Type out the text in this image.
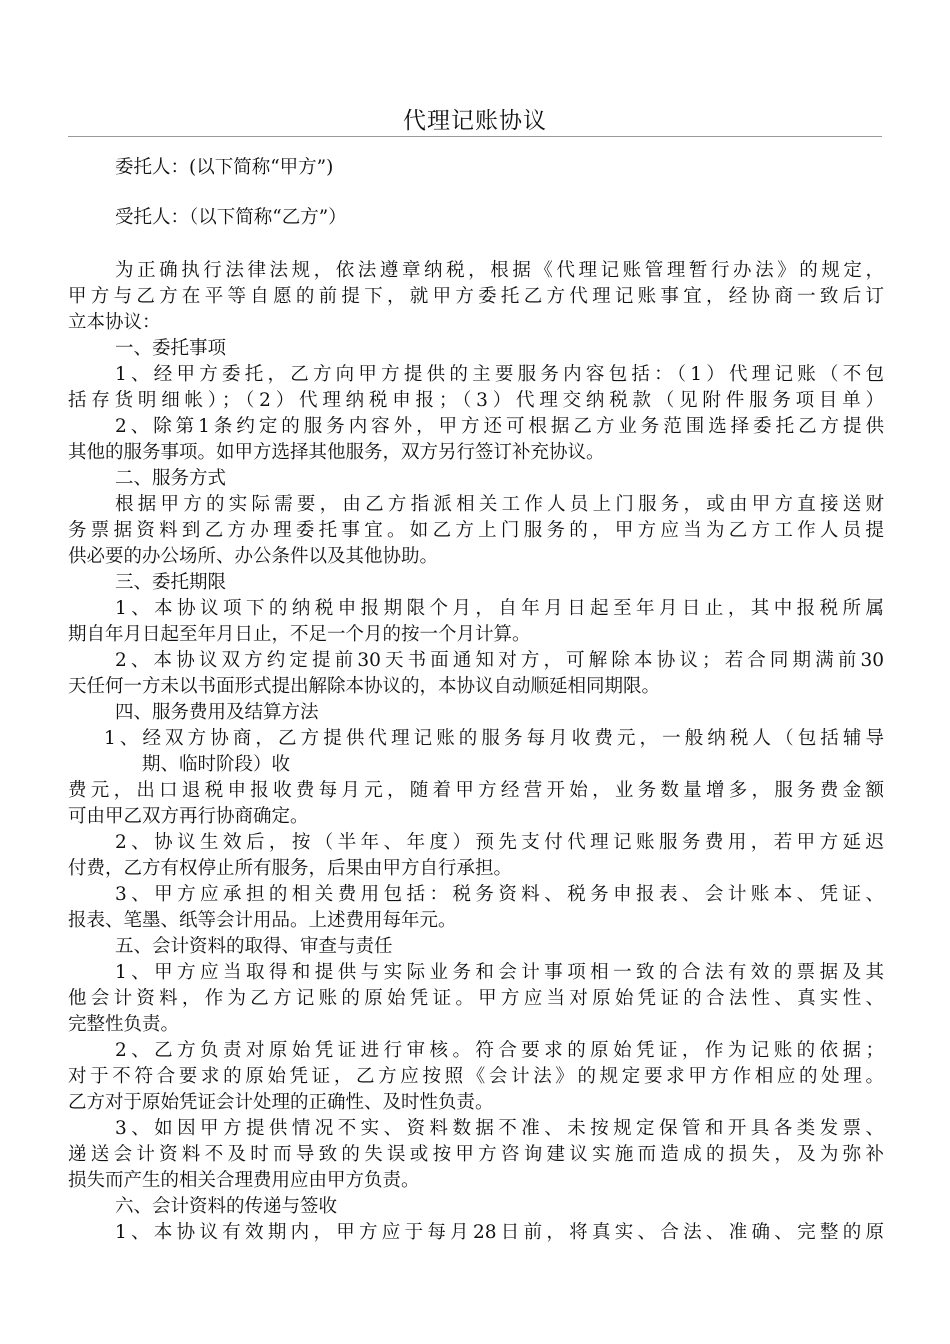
代理记账协议
委托人：(以下简称“甲方”)
受托人：（以下简称“乙方”）
为正确执行法律法规，依法遵章纳税，根据《代理记账管理暂行办法》的规定，
甲方与乙方在平等自愿的前提下，就甲方委托乙方代理记账事宜，经协商一致后订
立本协议：
一、委托事项
1、经甲方委托，乙方向甲方提供的主要服务内容包括：（1）代理记账（不包
括存货明细帐）；（2）代理纳税申报；（3）代理交纳税款（见附件服务项目单）
2、除第1条约定的服务内容外，甲方还可根据乙方业务范围选择委托乙方提供
其他的服务事项。如甲方选择其他服务，双方另行签订补充协议。
二、服务方式
根据甲方的实际需要，由乙方指派相关工作人员上门服务，或由甲方直接送财
务票据资料到乙方办理委托事宜。如乙方上门服务的，甲方应当为乙方工作人员提
供必要的办公场所、办公条件以及其他协助。
三、委托期限
1、本协议项下的纳税申报期限个月，自年月日起至年月日止，其中报税所属
期自年月日起至年月日止，不足一个月的按一个月计算。
2、本协议双方约定提前30天书面通知对方，可解除本协议；若合同期满前30
天任何一方未以书面形式提出解除本协议的，本协议自动顺延相同期限。
四、服务费用及结算方法
1、经双方协商，乙方提供代理记账的服务每月收费元，一般纳税人（包括辅导
期、临时阶段）收
费元，出口退税申报收费每月元，随着甲方经营开始，业务数量增多，服务费金额
可由甲乙双方再行协商确定。
2、协议生效后，按（半年、年度）预先支付代理记账服务费用，若甲方延迟
付费，乙方有权停止所有服务，后果由甲方自行承担。
3、甲方应承担的相关费用包括：税务资料、税务申报表、会计账本、凭证、
报表、笔墨、纸等会计用品。上述费用每年元。
五、会计资料的取得、审查与责任
1、甲方应当取得和提供与实际业务和会计事项相一致的合法有效的票据及其
他会计资料，作为乙方记账的原始凭证。甲方应当对原始凭证的合法性、真实性、
完整性负责。
2、乙方负责对原始凭证进行审核。符合要求的原始凭证，作为记账的依据；
对于不符合要求的原始凭证，乙方应按照《会计法》的规定要求甲方作相应的处理。
乙方对于原始凭证会计处理的正确性、及时性负责。
3、如因甲方提供情况不实、资料数据不准、未按规定保管和开具各类发票、
递送会计资料不及时而导致的失误或按甲方咨询建议实施而造成的损失，及为弥补
损失而产生的相关合理费用应由甲方负责。
六、会计资料的传递与签收
1、本协议有效期内，甲方应于每月28日前，将真实、合法、准确、完整的原
